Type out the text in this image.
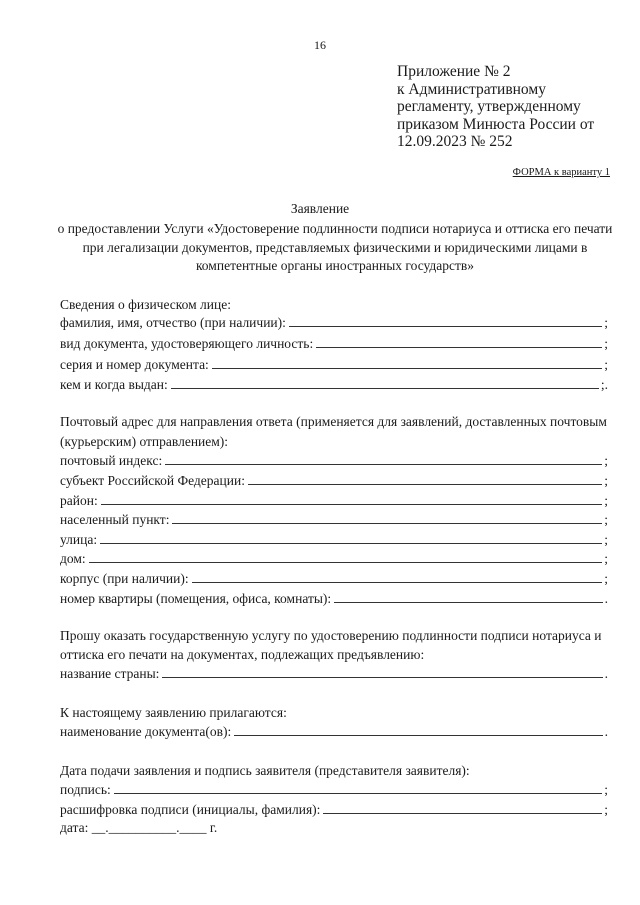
16
Приложение № 2
к Административному
регламенту, утвержденному
приказом Минюста России от
12.09.2023 № 252
ФОРМА к варианту 1
Заявление
о предоставлении Услуги «Удостоверение подлинности подписи нотариуса и оттиска его печати при легализации документов, представляемых физическими и юридическими лицами в компетентные органы иностранных государств»
Сведения о физическом лице:
фамилия, имя, отчество (при наличии):	;
вид документа, удостоверяющего личность:	;
серия и номер документа:	;
кем и когда выдан:	;.
Почтовый адрес для направления ответа (применяется для заявлений, доставленных почтовым
(курьерским) отправлением):
почтовый индекс:	;
субъект Российской Федерации:	;
район:	;
населенный пункт:	;
улица:	;
дом:	;
корпус (при наличии):	;
номер квартиры (помещения, офиса, комнаты):	.
Прошу оказать государственную услугу по удостоверению подлинности подписи нотариуса и
оттиска его печати на документах, подлежащих предъявлению:
название страны:	.
К настоящему заявлению прилагаются:
наименование документа(ов):	.
Дата подачи заявления и подпись заявителя (представителя заявителя):
подпись:	;
расшифровка подписи (инициалы, фамилия):	;
дата: __.__________.____ г.
